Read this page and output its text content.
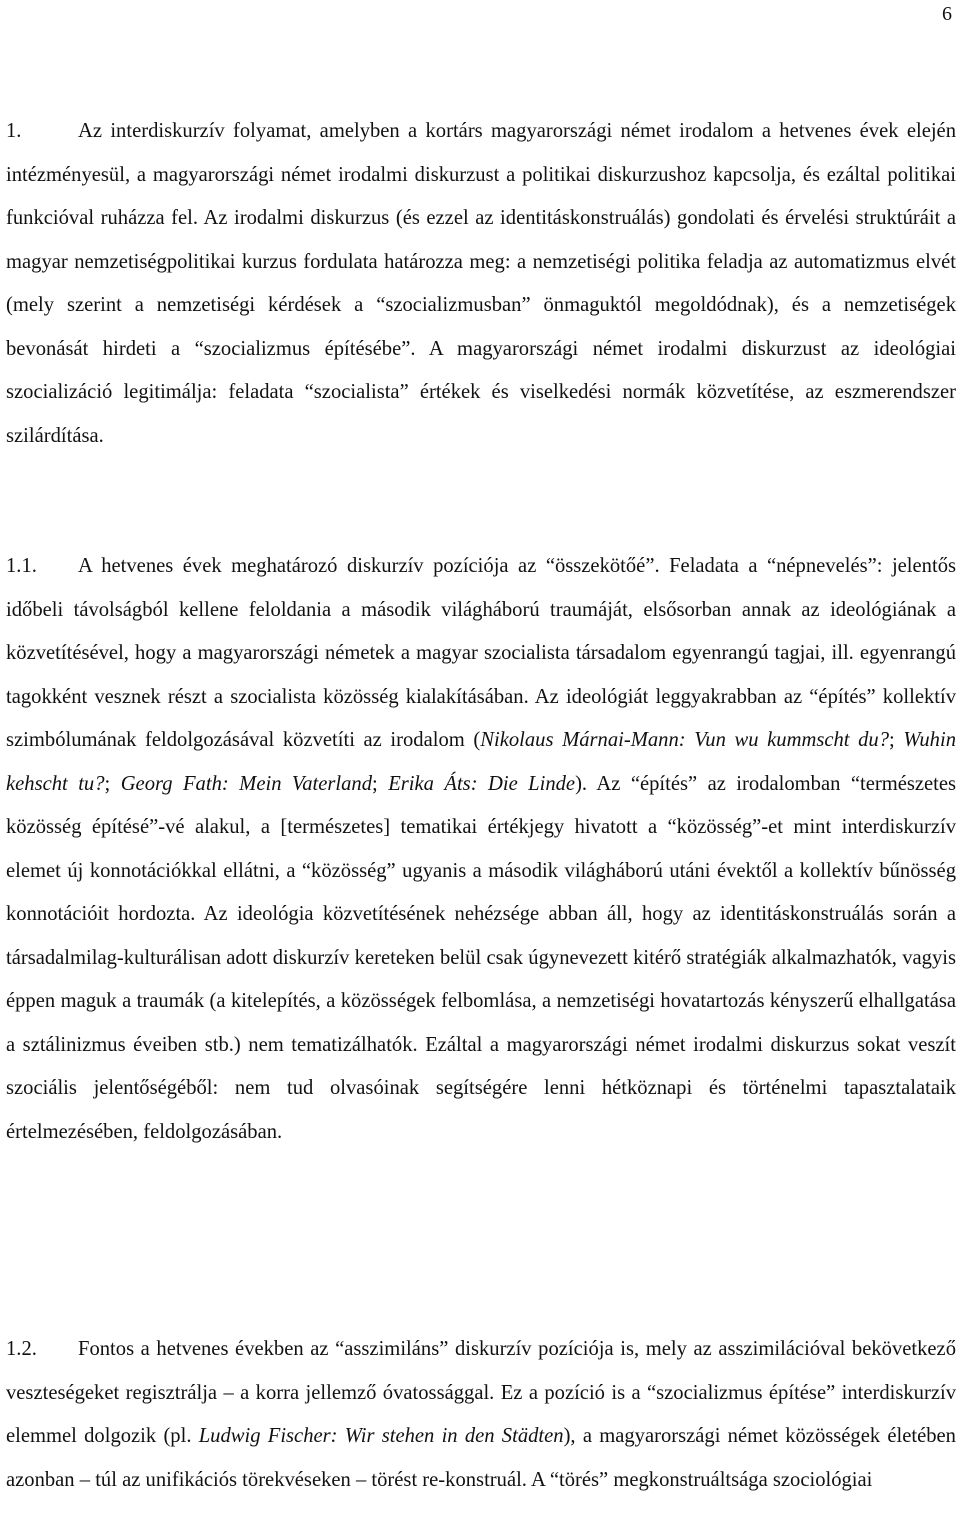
6

1.	Az interdiskurzív folyamat, amelyben a kortárs magyarországi német irodalom a hetvenes évek elején intézményesül, a magyarországi német irodalmi diskurzust a politikai diskurzushoz kapcsolja, és ezáltal politikai funkcióval ruházza fel. Az irodalmi diskurzus (és ezzel az identitáskonstruálás) gondolati és érvelési struktúráit a magyar nemzetiségpolitikai kurzus fordulata határozza meg: a nemzetiségi politika feladja az automatizmus elvét (mely szerint a nemzetiségi kérdések a “szocializmusban” önmaguktól megoldódnak), és a nemzetiségek bevonását hirdeti a “szocializmus építésébe”. A magyarországi német irodalmi diskurzust az ideológiai szocializáció legitimálja: feladata “szocialista” értékek és viselkedési normák közvetítése, az eszmerendszer szilárdítása.

1.1. A hetvenes évek meghatározó diskurzív pozíciója az “összekötőé”. Feladata a “népnevelés”: jelentős időbeli távolságból kellene feloldania a második világháború traumáját, elsősorban annak az ideológiának a közvetítésével, hogy a magyarországi németek a magyar szocialista társadalom egyenrangú tagjai, ill. egyenrangú tagokként vesznek részt a szocialista közösség kialakításában. Az ideológiát leggyakrabban az “építés” kollektív szimbólumának feldolgozásával közvetíti az irodalom (Nikolaus Márnai-Mann: Vun wu kummscht du?; Wuhin kehscht tu?; Georg Fath: Mein Vaterland; Erika Áts: Die Linde). Az “építés” az irodalomban “természetes közösség építésé”-vé alakul, a [természetes] tematikai értékjegy hivatott a “közösség”-et mint interdiskurzív elemet új konnotációkkal ellátni, a “közösség” ugyanis a második világháború utáni évektől a kollektív bűnösség konnotációit hordozta. Az ideológia közvetítésének nehézsége abban áll, hogy az identitáskonstruálás során a társadalmilag-kulturálisan adott diskurzív kereteken belül csak úgynevezett kitérő stratégiák alkalmazhatók, vagyis éppen maguk a traumák (a kitelepítés, a közösségek felbomlása, a nemzetiségi hovatartozás kényszerű elhallgatása a sztálinizmus éveiben stb.) nem tematizálhatók. Ezáltal a magyarországi német irodalmi diskurzus sokat veszít szociális jelentőségéből: nem tud olvasóinak segítségére lenni hétköznapi és történelmi tapasztalataik értelmezésében, feldolgozásában.

1.2. Fontos a hetvenes években az “asszimiláns” diskurzív pozíciója is, mely az asszimilációval bekövetkező veszteségeket regisztrálja – a korra jellemző óvatossággal. Ez a pozíció is a “szocializmus építése” interdiskurzív elemmel dolgozik (pl. Ludwig Fischer: Wir stehen in den Städten), a magyarországi német közösségek életében azonban – túl az unifikációs törekvéseken – törést re-konstruál. A “törés” megkonstruáltsága szociológiai
